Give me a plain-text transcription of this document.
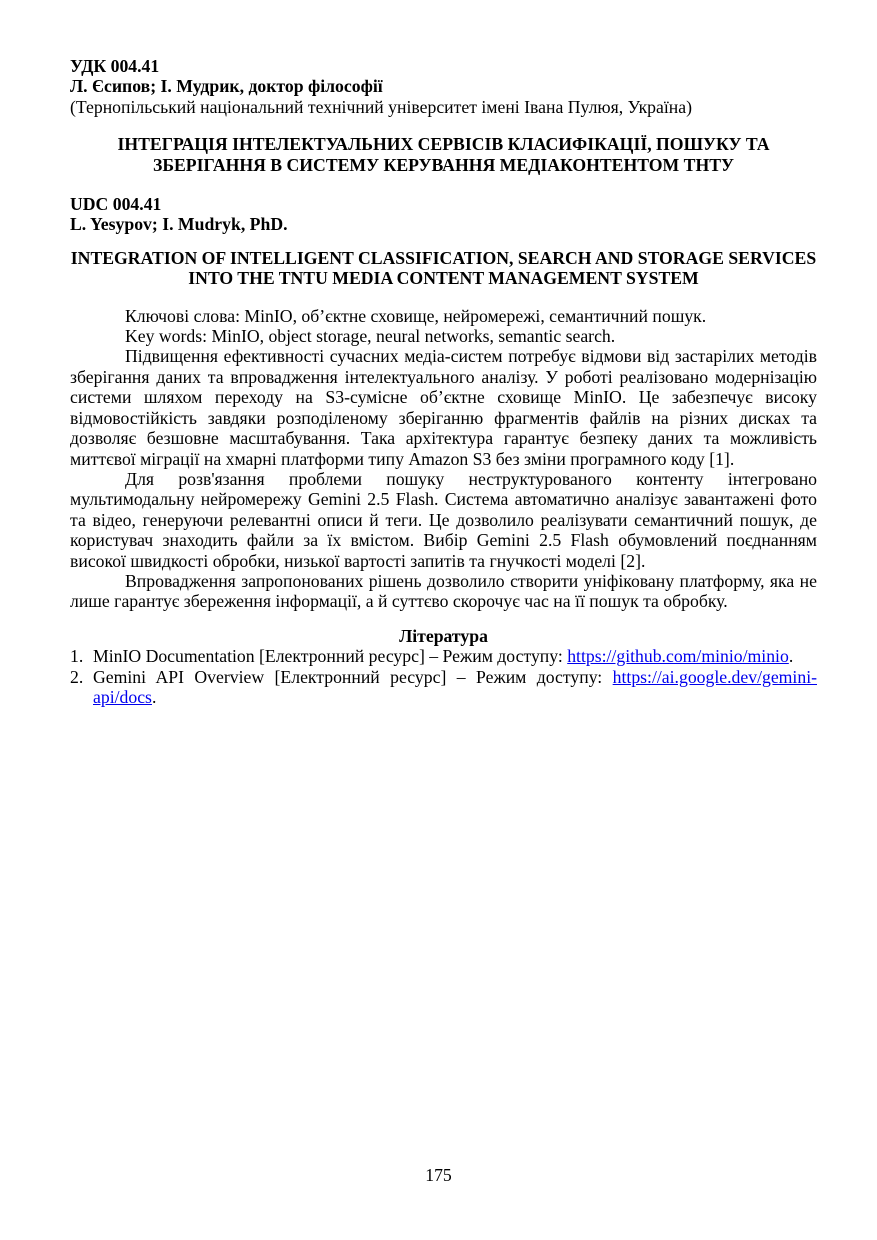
УДК 004.41
Л. Єсипов; І. Мудрик, доктор філософії
(Тернопільський національний технічний університет імені Івана Пулюя, Україна)
ІНТЕГРАЦІЯ ІНТЕЛЕКТУАЛЬНИХ СЕРВІСІВ КЛАСИФІКАЦІЇ, ПОШУКУ ТА ЗБЕРІГАННЯ В СИСТЕМУ КЕРУВАННЯ МЕДІАКОНТЕНТОМ ТНТУ
UDC 004.41
L. Yesypov; I. Mudryk, PhD.
INTEGRATION OF INTELLIGENT CLASSIFICATION, SEARCH AND STORAGE SERVICES INTO THE TNTU MEDIA CONTENT MANAGEMENT SYSTEM
Ключові слова: MinIO, об’єктне сховище, нейромережі, семантичний пошук.
Key words: MinIO, object storage, neural networks, semantic search.

Підвищення ефективності сучасних медіа-систем потребує відмови від застарілих методів зберігання даних та впровадження інтелектуального аналізу. У роботі реалізовано модернізацію системи шляхом переходу на S3-сумісне об’єктне сховище MinIO. Це забезпечує високу відмовостійкість завдяки розподіленому зберіганню фрагментів файлів на різних дисках та дозволяє безшовне масштабування. Така архітектура гарантує безпеку даних та можливість миттєвої міграції на хмарні платформи типу Amazon S3 без зміни програмного коду [1].

Для розв'язання проблеми пошуку неструктурованого контенту інтегровано мультимодальну нейромережу Gemini 2.5 Flash. Система автоматично аналізує завантажені фото та відео, генеруючи релевантні описи й теги. Це дозволило реалізувати семантичний пошук, де користувач знаходить файли за їх вмістом. Вибір Gemini 2.5 Flash обумовлений поєднанням високої швидкості обробки, низької вартості запитів та гнучкості моделі [2].

Впровадження запропонованих рішень дозволило створити уніфіковану платформу, яка не лише гарантує збереження інформації, а й суттєво скорочує час на її пошук та обробку.

Література
1. MinIO Documentation [Електронний ресурс] – Режим доступу: https://github.com/minio/minio.
2. Gemini API Overview [Електронний ресурс] – Режим доступу: https://ai.google.dev/gemini-api/docs.
175
